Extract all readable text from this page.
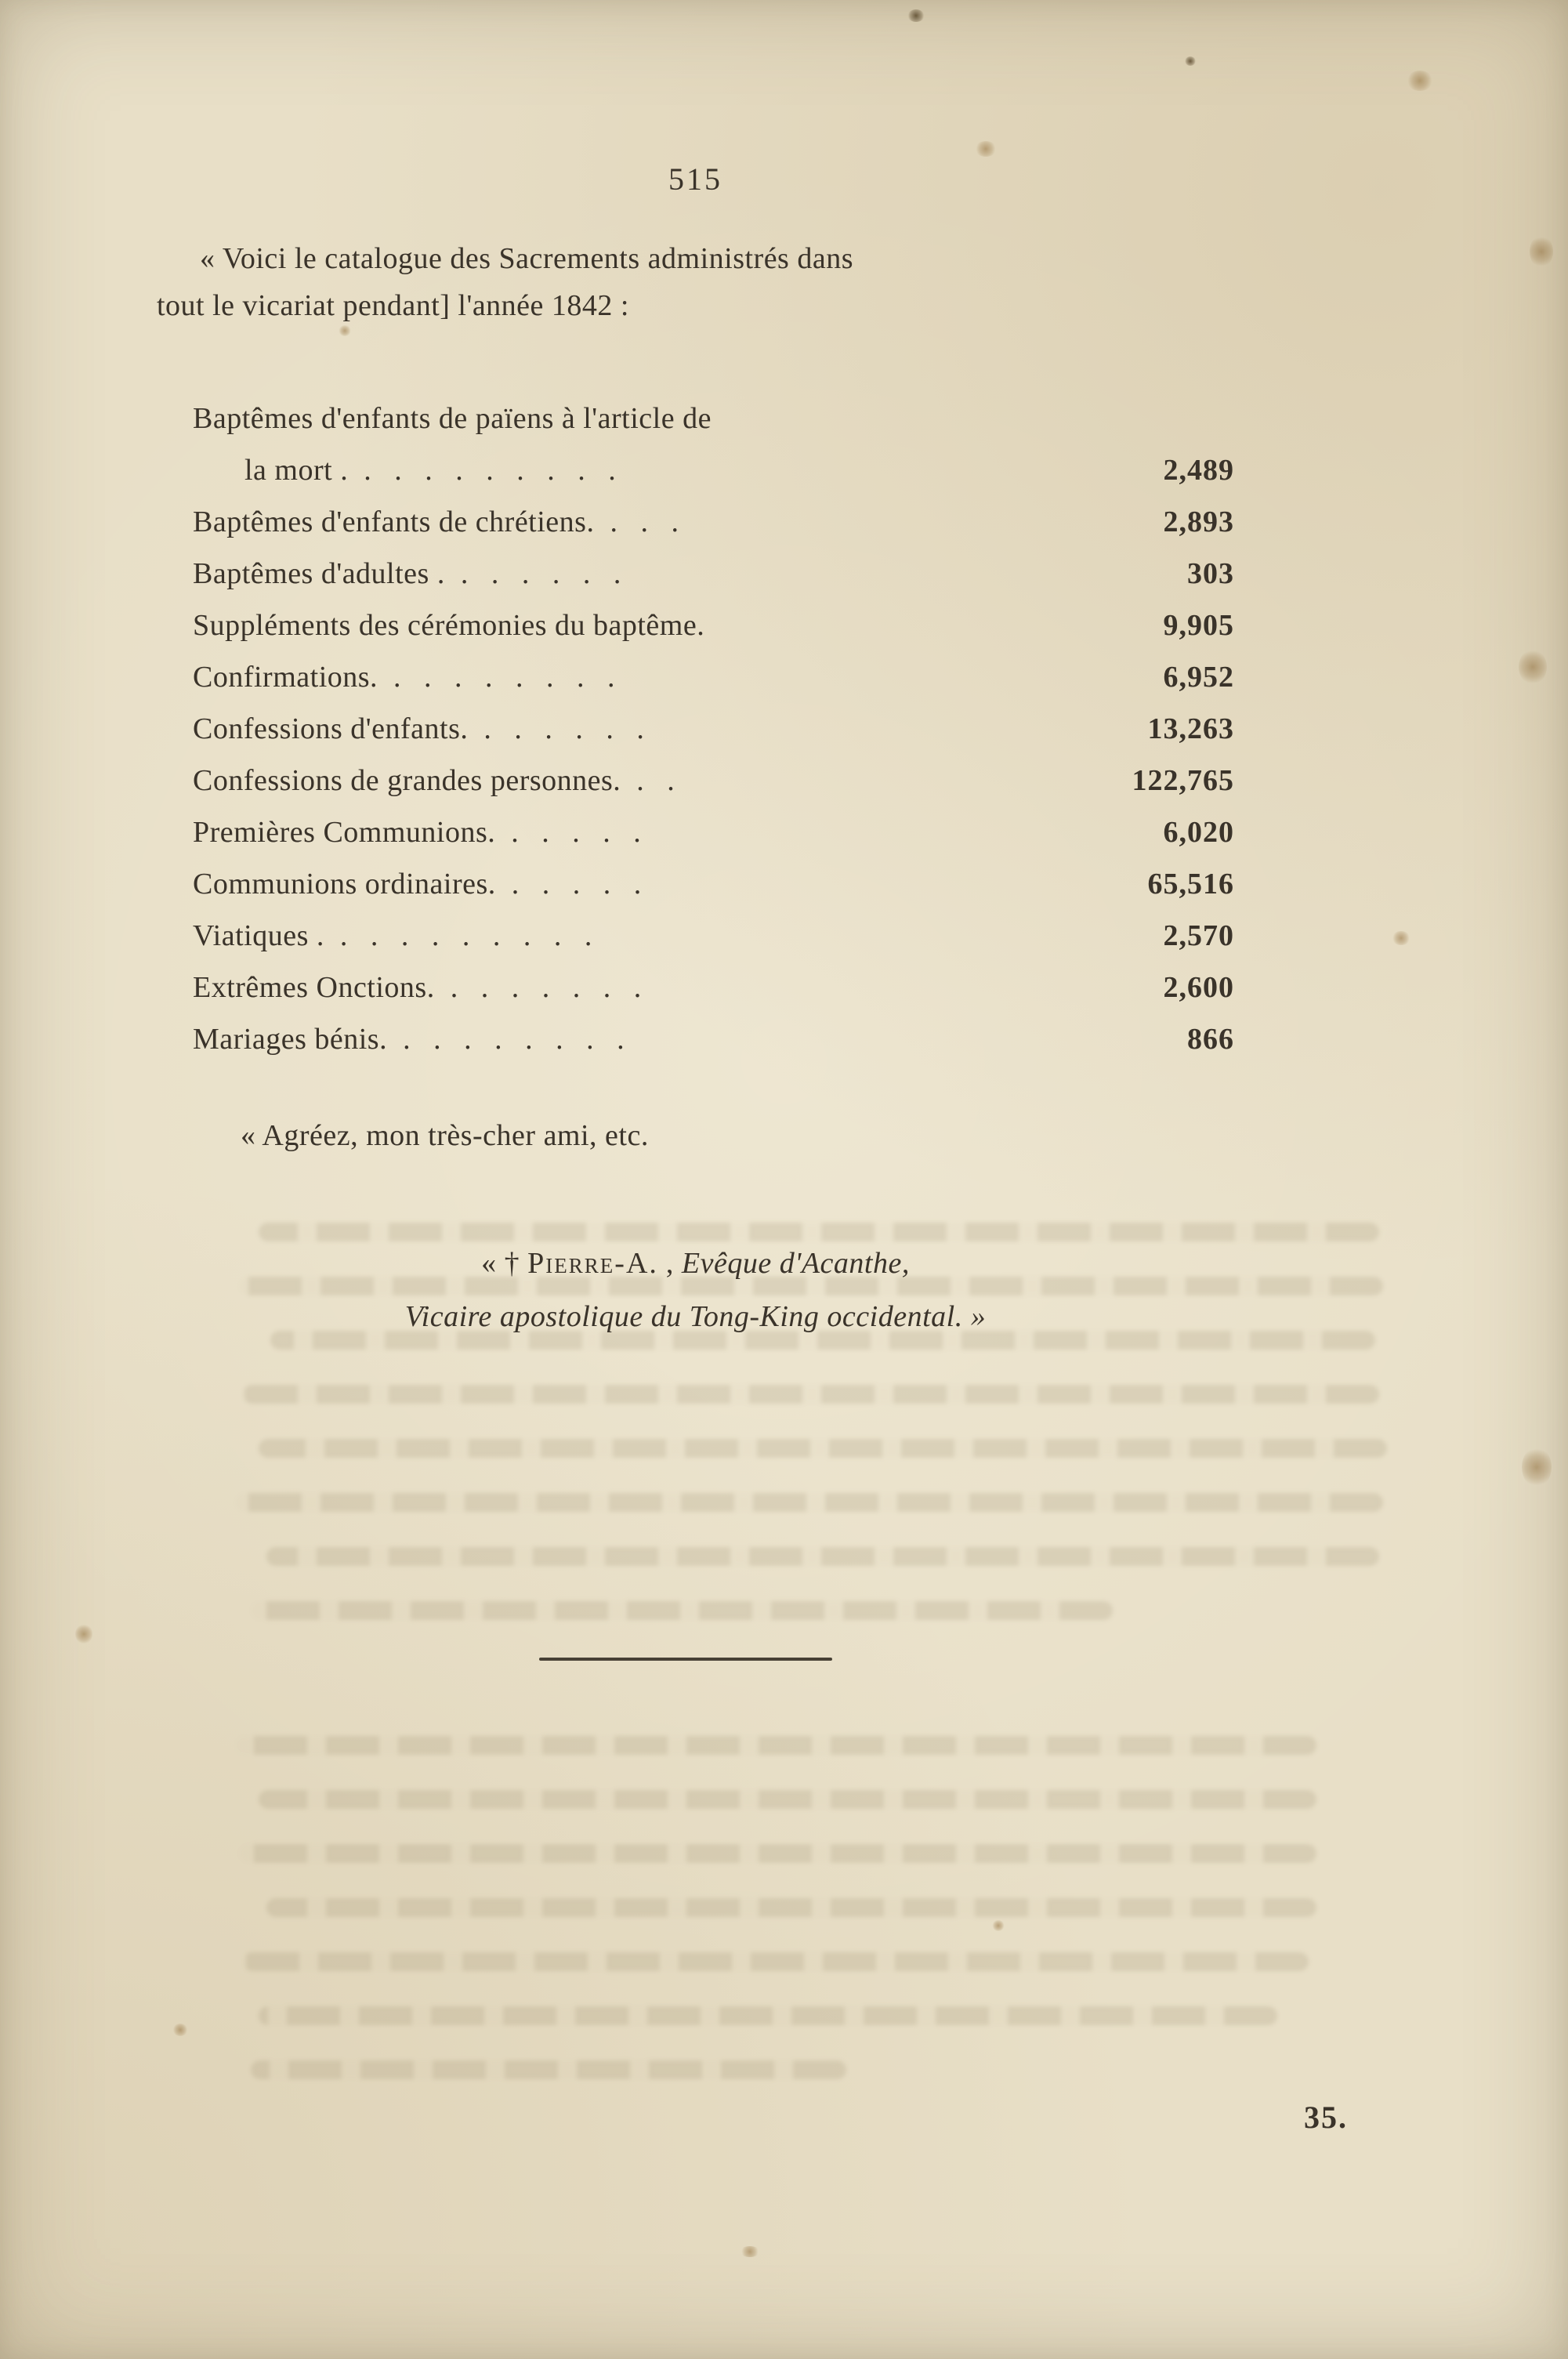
515

« Voici le catalogue des Sacrements administrés dans
tout le vicariat pendant] l'année 1842 :

Baptêmes d'enfants de païens à l'article de
la mort . . . . . . . . . .	2,489
Baptêmes d'enfants de chrétiens. . . .	2,893
Baptêmes d'adultes . . . . . . .	303
Suppléments des cérémonies du baptême.	9,905
Confirmations. . . . . . . . .	6,952
Confessions d'enfants. . . . . . .	13,263
Confessions de grandes personnes. . .	122,765
Premières Communions. . . . . .	6,020
Communions ordinaires. . . . . .	65,516
Viatiques . . . . . . . . . .	2,570
Extrêmes Onctions. . . . . . . .	2,600
Mariages bénis. . . . . . . . .	866

« Agréez, mon très-cher ami, etc.

« † Pierre-A. , Evêque d'Acanthe,
Vicaire apostolique du Tong-King occidental. »
35.
